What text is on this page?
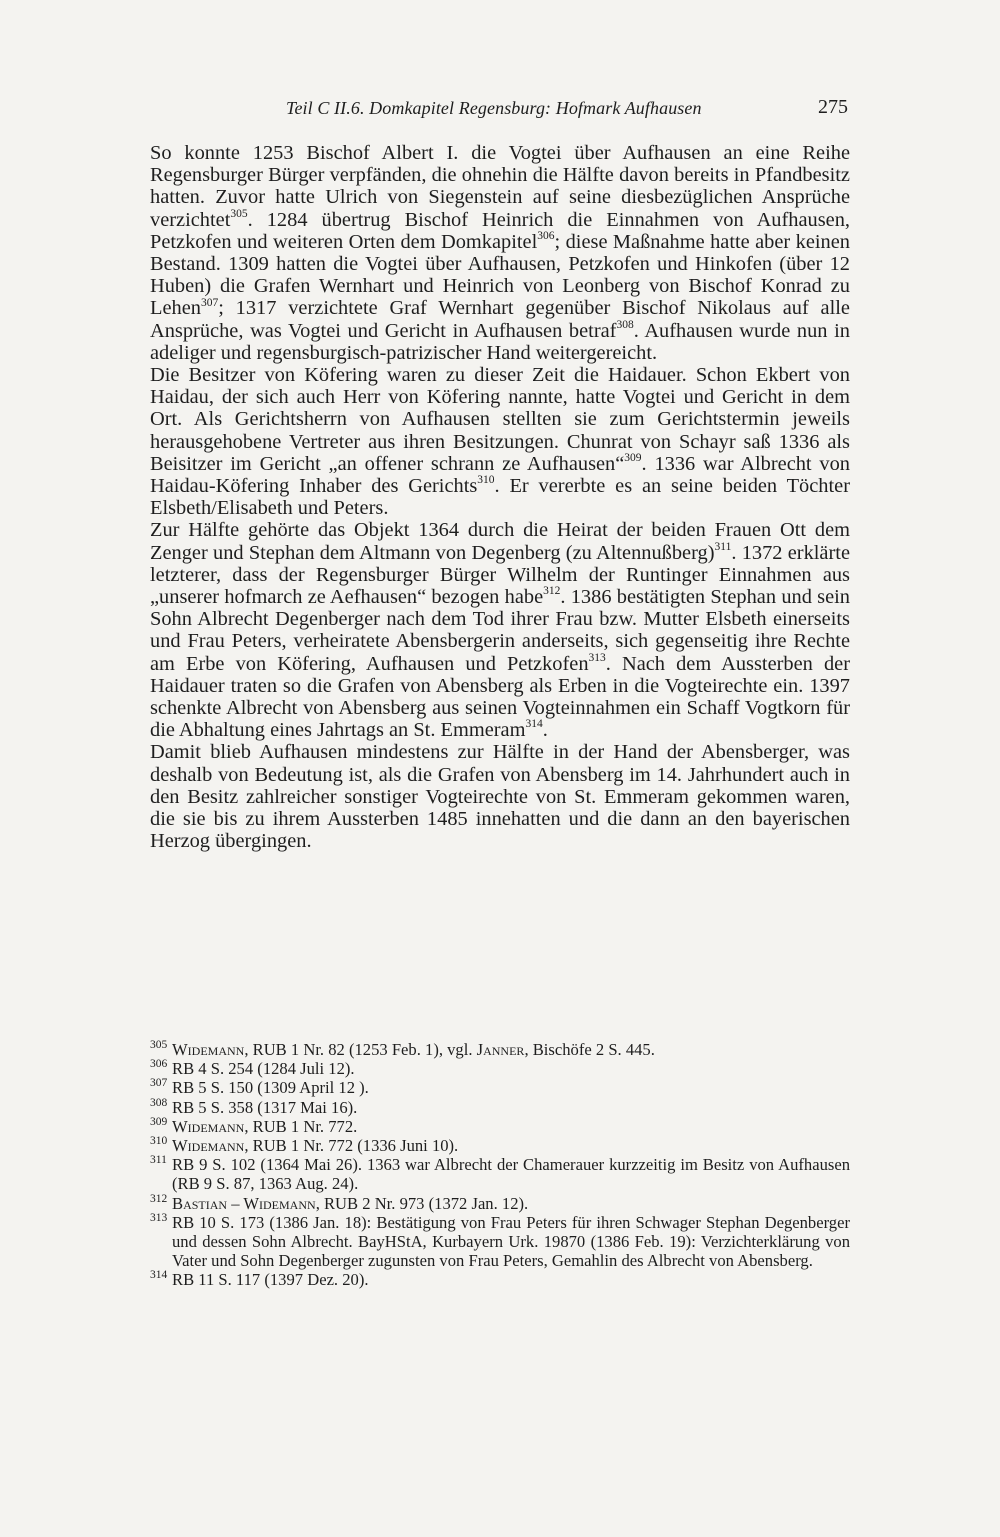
Teil C II.6. Domkapitel Regensburg: Hofmark Aufhausen	275

So konnte 1253 Bischof Albert I. die Vogtei über Aufhausen an eine Reihe Regensburger Bürger verpfänden, die ohnehin die Hälfte davon bereits in Pfandbesitz hatten. Zuvor hatte Ulrich von Siegenstein auf seine diesbezüglichen Ansprüche verzichtet$^{305}$. 1284 übertrug Bischof Heinrich die Einnahmen von Aufhausen, Petzkofen und weiteren Orten dem Domkapitel$^{306}$; diese Maßnahme hatte aber keinen Bestand. 1309 hatten die Vogtei über Aufhausen, Petzkofen und Hinkofen (über 12 Huben) die Grafen Wernhart und Heinrich von Leonberg von Bischof Konrad zu Lehen$^{307}$; 1317 verzichtete Graf Wernhart gegenüber Bischof Nikolaus auf alle Ansprüche, was Vogtei und Gericht in Aufhausen betraf$^{308}$. Aufhausen wurde nun in adeliger und regensburgisch-patrizischer Hand weitergereicht.

Die Besitzer von Köfering waren zu dieser Zeit die Haidauer. Schon Ekbert von Haidau, der sich auch Herr von Köfering nannte, hatte Vogtei und Gericht in dem Ort. Als Gerichtsherrn von Aufhausen stellten sie zum Gerichtstermin jeweils herausgehobene Vertreter aus ihren Besitzungen. Chunrat von Schayr saß 1336 als Beisitzer im Gericht „an offener schrann ze Aufhausen“$^{309}$. 1336 war Albrecht von Haidau-Köfering Inhaber des Gerichts$^{310}$. Er vererbte es an seine beiden Töchter Elsbeth/Elisabeth und Peters.

Zur Hälfte gehörte das Objekt 1364 durch die Heirat der beiden Frauen Ott dem Zenger und Stephan dem Altmann von Degenberg (zu Altennußberg)$^{311}$. 1372 erklärte letzterer, dass der Regensburger Bürger Wilhelm der Runtinger Einnahmen aus „unserer hofmarch ze Aefhausen“ bezogen habe$^{312}$. 1386 bestätigten Stephan und sein Sohn Albrecht Degenberger nach dem Tod ihrer Frau bzw. Mutter Elsbeth einerseits und Frau Peters, verheiratete Abensbergerin anderseits, sich gegenseitig ihre Rechte am Erbe von Köfering, Aufhausen und Petzkofen$^{313}$. Nach dem Aussterben der Haidauer traten so die Grafen von Abensberg als Erben in die Vogteirechte ein. 1397 schenkte Albrecht von Abensberg aus seinen Vogteinnahmen ein Schaff Vogtkorn für die Abhaltung eines Jahrtags an St. Emmeram$^{314}$.

Damit blieb Aufhausen mindestens zur Hälfte in der Hand der Abensberger, was deshalb von Bedeutung ist, als die Grafen von Abensberg im 14. Jahrhundert auch in den Besitz zahlreicher sonstiger Vogteirechte von St. Emmeram gekommen waren, die sie bis zu ihrem Aussterben 1485 innehatten und die dann an den bayerischen Herzog übergingen.

305 Widemann, RUB 1 Nr. 82 (1253 Feb. 1), vgl. Janner, Bischöfe 2 S. 445.

306 RB 4 S. 254 (1284 Juli 12).

307 RB 5 S. 150 (1309 April 12 ).

308 RB 5 S. 358 (1317 Mai 16).

309 Widemann, RUB 1 Nr. 772.

310 Widemann, RUB 1 Nr. 772 (1336 Juni 10).

311 RB 9 S. 102 (1364 Mai 26). 1363 war Albrecht der Chamerauer kurzzeitig im Besitz von Aufhausen (RB 9 S. 87, 1363 Aug. 24).

312 Bastian – Widemann, RUB 2 Nr. 973 (1372 Jan. 12).

313 RB 10 S. 173 (1386 Jan. 18): Bestätigung von Frau Peters für ihren Schwager Stephan Degenberger und dessen Sohn Albrecht. BayHStA, Kurbayern Urk. 19870 (1386 Feb. 19): Verzichterklärung von Vater und Sohn Degenberger zugunsten von Frau Peters, Gemahlin des Albrecht von Abensberg.

314 RB 11 S. 117 (1397 Dez. 20).
